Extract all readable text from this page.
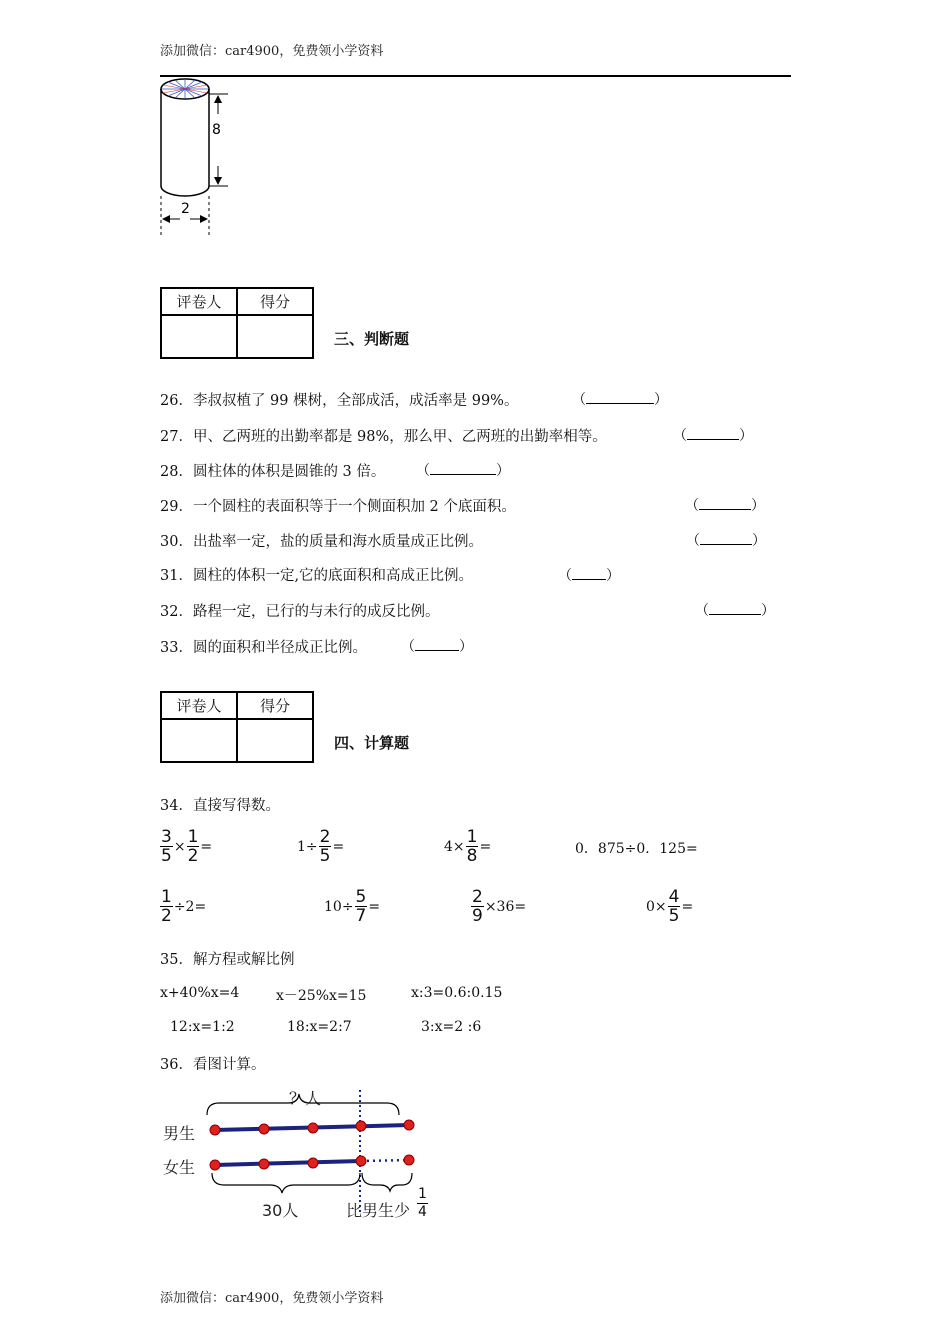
添加微信：car4900，免费领小学资料
8
2
评卷人	得分

三、判断题
26．李叔叔植了 99 棵树，全部成活，成活率是 99%。	（	）
27．甲、乙两班的出勤率都是 98%，那么甲、乙两班的出勤率相等。	（	）
28．圆柱体的体积是圆锥的 3 倍。 （	）
29．一个圆柱的表面积等于一个侧面积加 2 个底面积。	（	）
30．出盐率一定，盐的质量和海水质量成正比例。	（	）
31．圆柱的体积一定,它的底面积和高成正比例。	（ ）
32．路程一定，已行的与未行的成反比例。	（	）
33．圆的面积和半径成正比例。 （	）
评卷人	得分

四、计算题
34．直接写得数。
$\frac{3}{5} \times \frac{1}{2}$ =	$1\div \frac{2}{5}$ =	$4\times \frac{1}{8}$ =	0．875÷0．125=
$\frac{1}{2} \div 2=$	$10\div \frac{5}{7}$ =	$\frac{2}{9} \times 36=$	$0\times \frac{4}{5}$ =
35．解方程或解比例
x+40%x=4	x－25%x=15	x:3=0.6:0.15
12:x=1:2	18:x=2:7	3:x=2 :6
36．看图计算。
男生
女生
？人
30人	比男生少
1
4
添加微信：car4900，免费领小学资料
